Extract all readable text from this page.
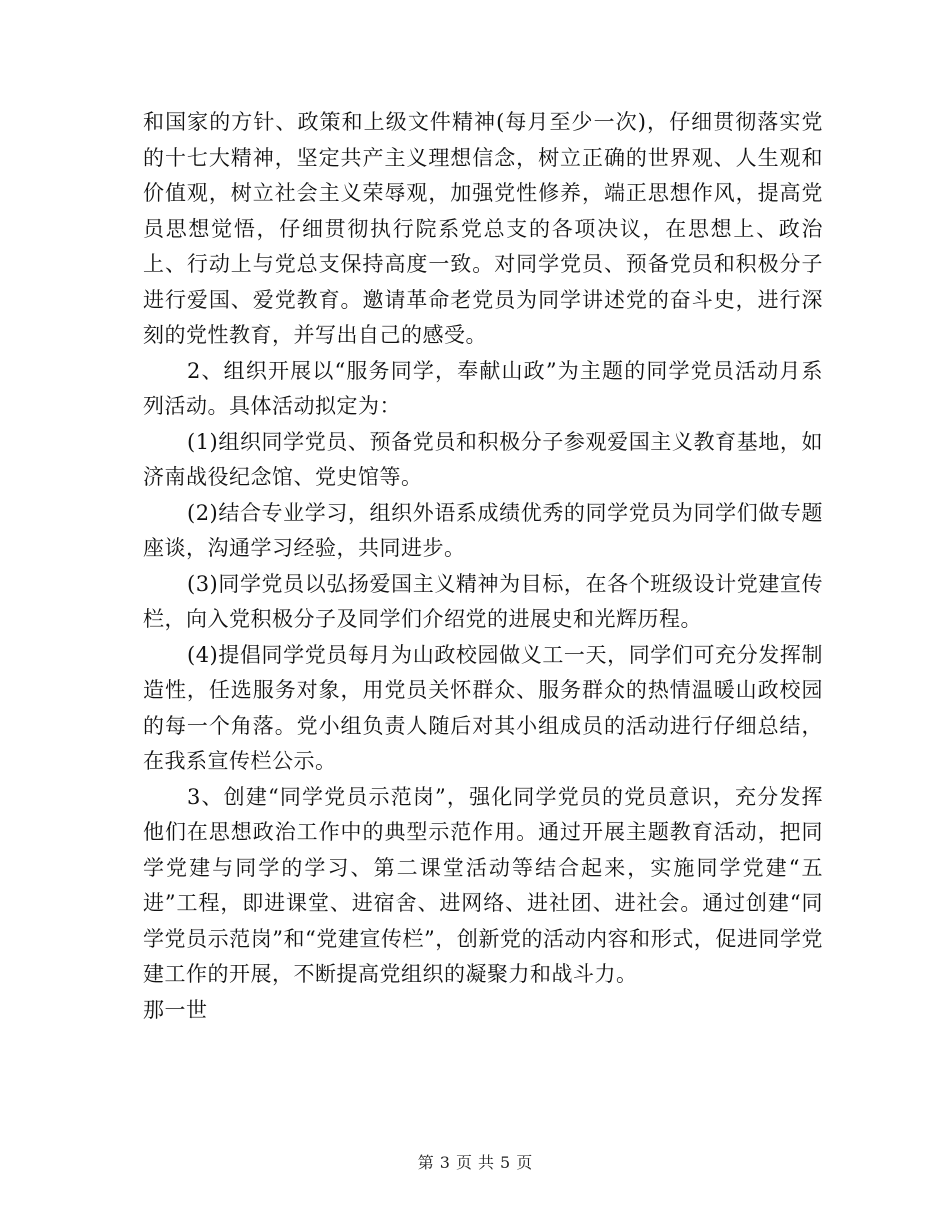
和国家的方针、政策和上级文件精神(每月至少一次)，仔细贯彻落实党的十七大精神，坚定共产主义理想信念，树立正确的世界观、人生观和价值观，树立社会主义荣辱观，加强党性修养，端正思想作风，提高党员思想觉悟，仔细贯彻执行院系党总支的各项决议，在思想上、政治上、行动上与党总支保持高度一致。对同学党员、预备党员和积极分子进行爱国、爱党教育。邀请革命老党员为同学讲述党的奋斗史，进行深刻的党性教育，并写出自己的感受。

2、组织开展以“服务同学，奉献山政”为主题的同学党员活动月系列活动。具体活动拟定为：

(1)组织同学党员、预备党员和积极分子参观爱国主义教育基地，如济南战役纪念馆、党史馆等。

(2)结合专业学习，组织外语系成绩优秀的同学党员为同学们做专题座谈，沟通学习经验，共同进步。

(3)同学党员以弘扬爱国主义精神为目标，在各个班级设计党建宣传栏，向入党积极分子及同学们介绍党的进展史和光辉历程。

(4)提倡同学党员每月为山政校园做义工一天，同学们可充分发挥制造性，任选服务对象，用党员关怀群众、服务群众的热情温暖山政校园的每一个角落。党小组负责人随后对其小组成员的活动进行仔细总结，在我系宣传栏公示。

3、创建“同学党员示范岗”，强化同学党员的党员意识，充分发挥他们在思想政治工作中的典型示范作用。通过开展主题教育活动，把同学党建与同学的学习、第二课堂活动等结合起来，实施同学党建“五进”工程，即进课堂、进宿舍、进网络、进社团、进社会。通过创建“同学党员示范岗”和“党建宣传栏”，创新党的活动内容和形式，促进同学党建工作的开展，不断提高党组织的凝聚力和战斗力。

那一世

第 3 页 共 5 页
